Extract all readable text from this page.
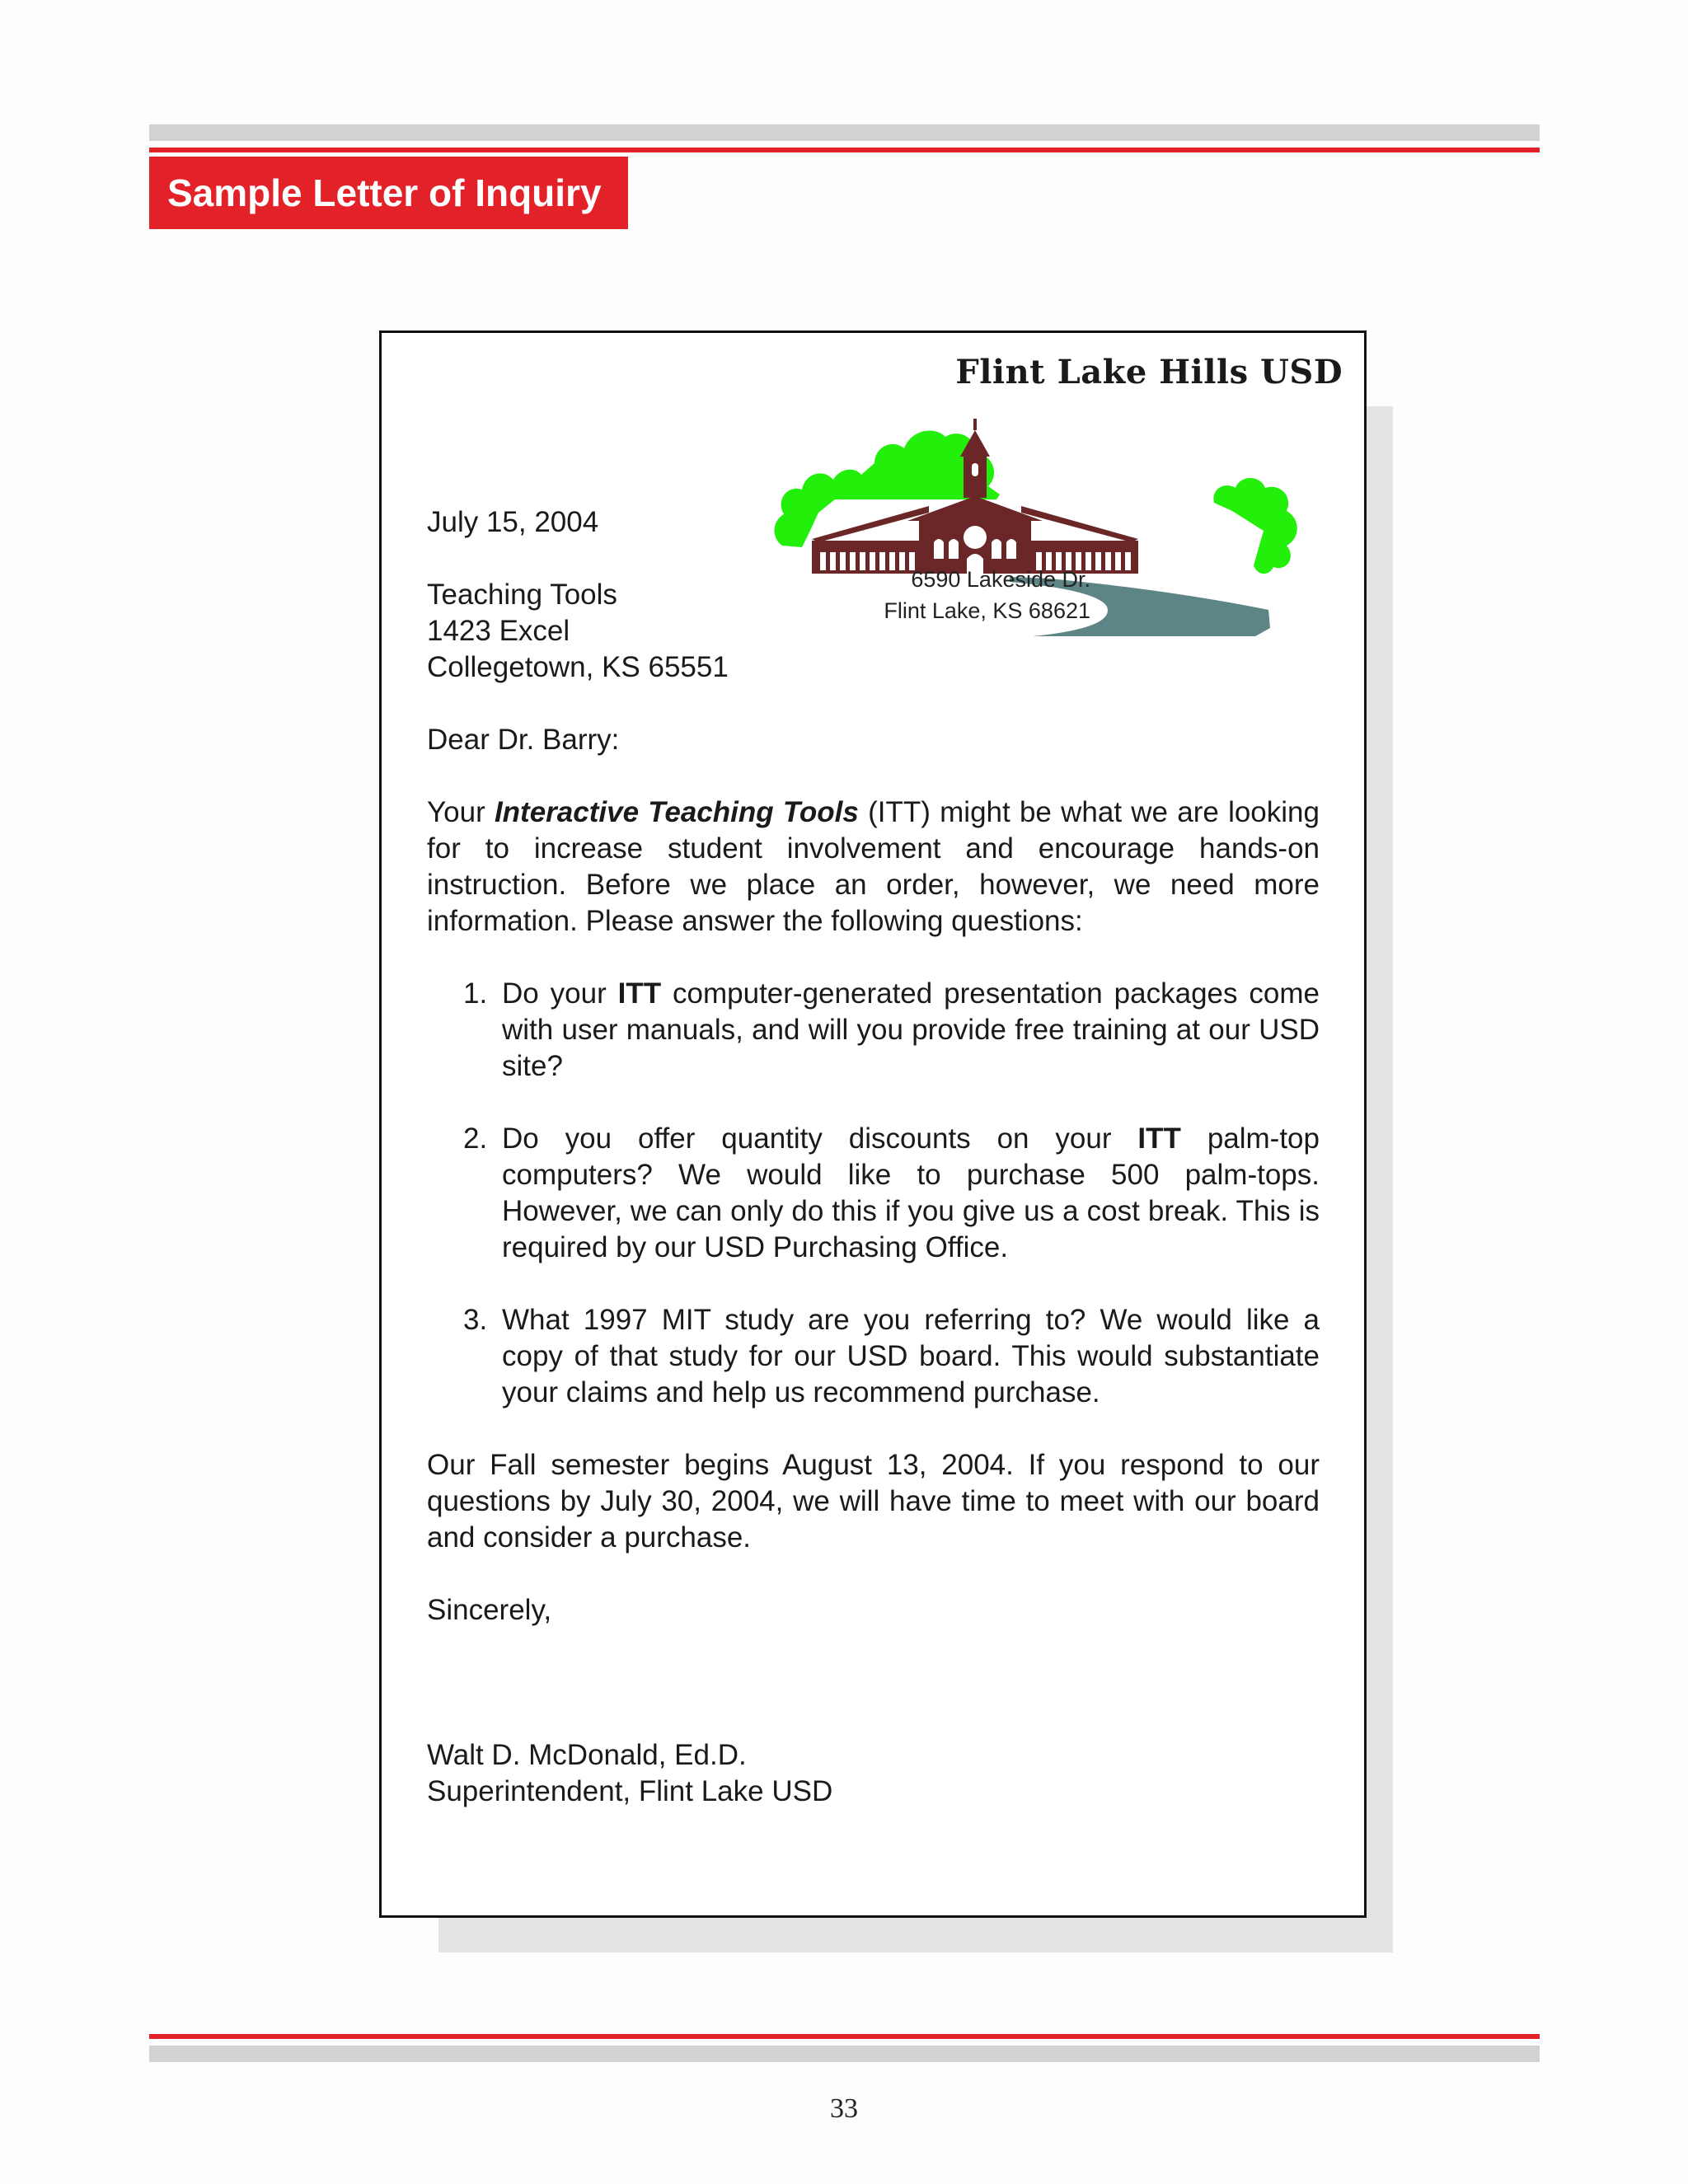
Sample Letter of Inquiry
Flint Lake Hills USD
6590 Lakeside Dr.
Flint Lake, KS 68621

July 15, 2004

Teaching Tools

1423 Excel

Collegetown, KS 65551

Dear Dr. Barry:

Your Interactive Teaching Tools (ITT) might be what we are looking for to increase student involvement and encourage hands-on instruction. Before we place an order, however, we need more information. Please answer the following questions:

1. Do your ITT computer-generated presentation packages come with user manuals, and will you provide free training at our USD site?
2. Do you offer quantity discounts on your ITT palm-top computers? We would like to purchase 500 palm-tops. However, we can only do this if you give us a cost break. This is required by our USD Purchasing Office.
3. What 1997 MIT study are you referring to? We would like a copy of that study for our USD board. This would substantiate your claims and help us recommend purchase.

Our Fall semester begins August 13, 2004. If you respond to our questions by July 30, 2004, we will have time to meet with our board and consider a purchase.

Sincerely,

Walt D. McDonald, Ed.D.

Superintendent, Flint Lake USD

33
